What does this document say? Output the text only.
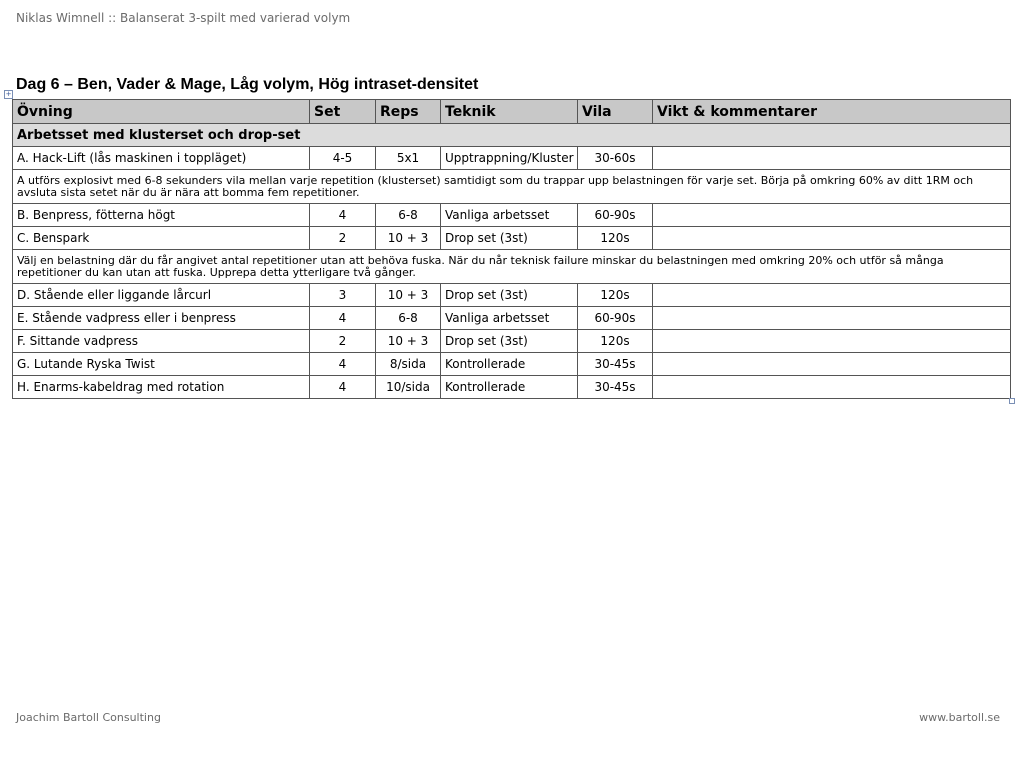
Niklas Wimnell :: Balanserat 3-spilt med varierad volym
Dag 6 – Ben, Vader & Mage, Låg volym, Hög intraset-densitet
+
Övning	Set	Reps	Teknik	Vila	Vikt & kommentarer
Arbetsset med klusterset och drop-set					
A. Hack-Lift (lås maskinen i toppläget)	4-5	5x1	Upptrappning/Kluster	30-60s	
A utförs explosivt med 6-8 sekunders vila mellan varje repetition (klusterset) samtidigt som du trappar upp belastningen för varje set. Börja på omkring 60% av ditt 1RM och avsluta sista setet när du är nära att bomma fem repetitioner.					
B. Benpress, fötterna högt	4	6-8	Vanliga arbetsset	60-90s	
C. Benspark	2	10 + 3	Drop set (3st)	120s	
Välj en belastning där du får angivet antal repetitioner utan att behöva fuska. När du når teknisk failure minskar du belastningen med omkring 20% och utför så många repetitioner du kan utan att fuska. Upprepa detta ytterligare två gånger.					
D. Stående eller liggande lårcurl	3	10 + 3	Drop set (3st)	120s	
E. Stående vadpress eller i benpress	4	6-8	Vanliga arbetsset	60-90s	
F. Sittande vadpress	2	10 + 3	Drop set (3st)	120s	
G. Lutande Ryska Twist	4	8/sida	Kontrollerade	30-45s	
H. Enarms-kabeldrag med rotation	4	10/sida	Kontrollerade	30-45s	
Joachim Bartoll Consulting	www.bartoll.se
